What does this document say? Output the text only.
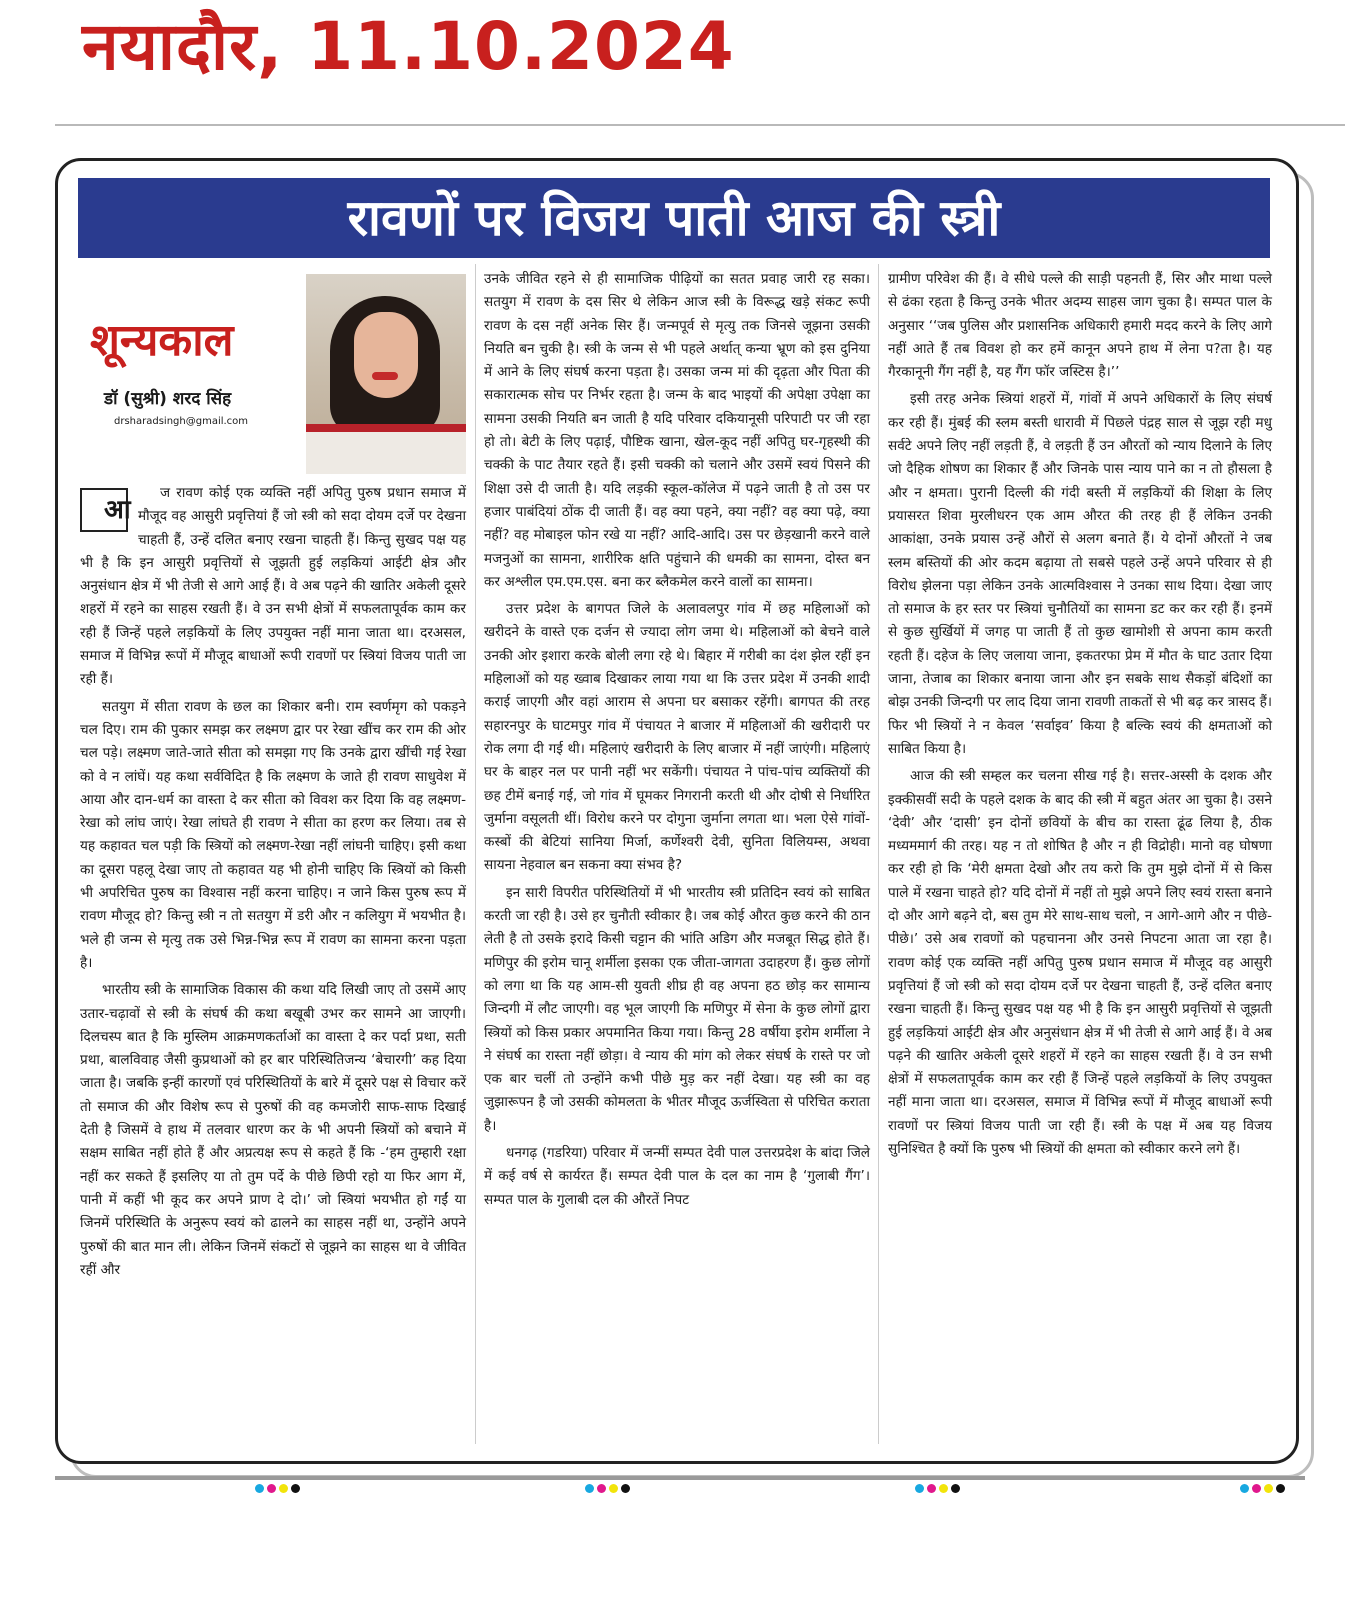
नयादौर, 11.10.2024
रावणों पर विजय पाती आज की स्त्री
शून्यकाल
डॉ (सुश्री) शरद सिंह
drsharadsingh@gmail.com

आ
ज रावण कोई एक व्यक्ति नहीं अपितु पुरुष प्रधान समाज में मौजूद वह आसुरी प्रवृत्तियां हैं जो स्त्री को सदा दोयम दर्जे पर देखना चाहती हैं, उन्हें दलित बनाए रखना चाहती हैं। किन्तु सुखद पक्ष यह भी है कि इन आसुरी प्रवृत्तियों से जूझती हुई लड़कियां आईटी क्षेत्र और अनुसंधान क्षेत्र में भी तेजी से आगे आई हैं। वे अब पढ़ने की खातिर अकेली दूसरे शहरों में रहने का साहस रखती हैं। वे उन सभी क्षेत्रों में सफलतापूर्वक काम कर रही हैं जिन्हें पहले लड़कियों के लिए उपयुक्त नहीं माना जाता था। दरअसल, समाज में विभिन्न रूपों में मौजूद बाधाओं रूपी रावणों पर स्त्रियां विजय पाती जा रही हैं।

सतयुग में सीता रावण के छल का शिकार बनी। राम स्वर्णमृग को पकड़ने चल दिए। राम की पुकार समझ कर लक्ष्मण द्वार पर रेखा खींच कर राम की ओर चल पड़े। लक्ष्मण जाते-जाते सीता को समझा गए कि उनके द्वारा खींची गई रेखा को वे न लांघें। यह कथा सर्वविदित है कि लक्ष्मण के जाते ही रावण साधुवेश में आया और दान-धर्म का वास्ता दे कर सीता को विवश कर दिया कि वह लक्ष्मण-रेखा को लांघ जाएं। रेखा लांघते ही रावण ने सीता का हरण कर लिया। तब से यह कहावत चल पड़ी कि स्त्रियों को लक्ष्मण-रेखा नहीं लांघनी चाहिए। इसी कथा का दूसरा पहलू देखा जाए तो कहावत यह भी होनी चाहिए कि स्त्रियों को किसी भी अपरिचित पुरुष का विश्वास नहीं करना चाहिए। न जाने किस पुरुष रूप में रावण मौजूद हो? किन्तु स्त्री न तो सतयुग में डरी और न कलियुग में भयभीत है। भले ही जन्म से मृत्यु तक उसे भिन्न-भिन्न रूप में रावण का सामना करना पड़ता है।

भारतीय स्त्री के सामाजिक विकास की कथा यदि लिखी जाए तो उसमें आए उतार-चढ़ावों से स्त्री के संघर्ष की कथा बखूबी उभर कर सामने आ जाएगी। दिलचस्प बात है कि मुस्लिम आक्रमणकर्ताओं का वास्ता दे कर पर्दा प्रथा, सती प्रथा, बालविवाह जैसी कुप्रथाओं को हर बार परिस्थितिजन्य ‘बेचारगी’ कह दिया जाता है। जबकि इन्हीं कारणों एवं परिस्थितियों के बारे में दूसरे पक्ष से विचार करें तो समाज की और विशेष रूप से पुरुषों की वह कमजोरी साफ-साफ दिखाई देती है जिसमें वे हाथ में तलवार धारण कर के भी अपनी स्त्रियों को बचाने में सक्षम साबित नहीं होते हैं और अप्रत्यक्ष रूप से कहते हैं कि -‘हम तुम्हारी रक्षा नहीं कर सकते हैं इसलिए या तो तुम पर्दे के पीछे छिपी रहो या फिर आग में, पानी में कहीं भी कूद कर अपने प्राण दे दो।’ जो स्त्रियां भयभीत हो गईं या जिनमें परिस्थिति के अनुरूप स्वयं को ढालने का साहस नहीं था, उन्होंने अपने पुरुषों की बात मान ली। लेकिन जिनमें संकटों से जूझने का साहस था वे जीवित रहीं और

उनके जीवित रहने से ही सामाजिक पीढ़ियों का सतत प्रवाह जारी रह सका। सतयुग में रावण के दस सिर थे लेकिन आज स्त्री के विरूद्ध खड़े संकट रूपी रावण के दस नहीं अनेक सिर हैं। जन्मपूर्व से मृत्यु तक जिनसे जूझना उसकी नियति बन चुकी है। स्त्री के जन्म से भी पहले अर्थात् कन्या भ्रूण को इस दुनिया में आने के लिए संघर्ष करना पड़ता है। उसका जन्म मां की दृढ़ता और पिता की सकारात्मक सोच पर निर्भर रहता है। जन्म के बाद भाइयों की अपेक्षा उपेक्षा का सामना उसकी नियति बन जाती है यदि परिवार दकियानूसी परिपाटी पर जी रहा हो तो। बेटी के लिए पढ़ाई, पौष्टिक खाना, खेल-कूद नहीं अपितु घर-गृहस्थी की चक्की के पाट तैयार रहते हैं। इसी चक्की को चलाने और उसमें स्वयं पिसने की शिक्षा उसे दी जाती है। यदि लड़की स्कूल-कॉलेज में पढ़ने जाती है तो उस पर हजार पाबंदियां ठोंक दी जाती हैं। वह क्या पहने, क्या नहीं? वह क्या पढ़े, क्या नहीं? वह मोबाइल फोन रखे या नहीं? आदि-आदि। उस पर छेड़खानी करने वाले मजनुओं का सामना, शारीरिक क्षति पहुंचाने की धमकी का सामना, दोस्त बन कर अश्लील एम.एम.एस. बना कर ब्लैकमेल करने वालों का सामना।

उत्तर प्रदेश के बागपत जिले के अलावलपुर गांव में छह महिलाओं को खरीदने के वास्ते एक दर्जन से ज्यादा लोग जमा थे। महिलाओं को बेचने वाले उनकी ओर इशारा करके बोली लगा रहे थे। बिहार में गरीबी का दंश झेल रहीं इन महिलाओं को यह ख्वाब दिखाकर लाया गया था कि उत्तर प्रदेश में उनकी शादी कराई जाएगी और वहां आराम से अपना घर बसाकर रहेंगी। बागपत की तरह सहारनपुर के घाटमपुर गांव में पंचायत ने बाजार में महिलाओं की खरीदारी पर रोक लगा दी गई थी। महिलाएं खरीदारी के लिए बाजार में नहीं जाएंगी। महिलाएं घर के बाहर नल पर पानी नहीं भर सकेंगी। पंचायत ने पांच-पांच व्यक्तियों की छह टीमें बनाई गई, जो गांव में घूमकर निगरानी करती थी और दोषी से निर्धारित जुर्माना वसूलती थीं। विरोध करने पर दोगुना जुर्माना लगता था। भला ऐसे गांवों-कस्बों की बेटियां सानिया मिर्जा, कर्णेश्वरी देवी, सुनिता विलियम्स, अथवा सायना नेहवाल बन सकना क्या संभव है?

इन सारी विपरीत परिस्थितियों में भी भारतीय स्त्री प्रतिदिन स्वयं को साबित करती जा रही है। उसे हर चुनौती स्वीकार है। जब कोई औरत कुछ करने की ठान लेती है तो उसके इरादे किसी चट्टान की भांति अडिग और मजबूत सिद्ध होते हैं। मणिपुर की इरोम चानू शर्मीला इसका एक जीता-जागता उदाहरण हैं। कुछ लोगों को लगा था कि यह आम-सी युवती शीघ्र ही वह अपना हठ छोड़ कर सामान्य जिन्दगी में लौट जाएगी। वह भूल जाएगी कि मणिपुर में सेना के कुछ लोगों द्वारा स्त्रियों को किस प्रकार अपमानित किया गया। किन्तु 28 वर्षीया इरोम शर्मीला ने ने संघर्ष का रास्ता नहीं छोड़ा। वे न्याय की मांग को लेकर संघर्ष के रास्ते पर जो एक बार चलीं तो उन्होंने कभी पीछे मुड़ कर नहीं देखा। यह स्त्री का वह जुझारूपन है जो उसकी कोमलता के भीतर मौजूद ऊर्जस्विता से परिचित कराता है।

धनगढ़ (गडरिया) परिवार में जन्मीं सम्पत देवी पाल उत्तरप्रदेश के बांदा जिले में कई वर्ष से कार्यरत हैं। सम्पत देवी पाल के दल का नाम है ‘गुलाबी गैंग’। सम्पत पाल के गुलाबी दल की औरतें निपट

ग्रामीण परिवेश की हैं। वे सीधे पल्ले की साड़ी पहनती हैं, सिर और माथा पल्ले से ढंका रहता है किन्तु उनके भीतर अदम्य साहस जाग चुका है। सम्पत पाल के अनुसार ‘‘जब पुलिस और प्रशासनिक अधिकारी हमारी मदद करने के लिए आगे नहीं आते हैं तब विवश हो कर हमें कानून अपने हाथ में लेना प?ता है। यह गैरकानूनी गैंग नहीं है, यह गैंग फॉर जस्टिस है।’’

इसी तरह अनेक स्त्रियां शहरों में, गांवों में अपने अधिकारों के लिए संघर्ष कर रही हैं। मुंबई की स्लम बस्ती धारावी में पिछले पंद्रह साल से जूझ रही मधु सर्वटे अपने लिए नहीं लड़ती हैं, वे लड़ती हैं उन औरतों को न्याय दिलाने के लिए जो दैहिक शोषण का शिकार हैं और जिनके पास न्याय पाने का न तो हौसला है और न क्षमता। पुरानी दिल्ली की गंदी बस्ती में लड़कियों की शिक्षा के लिए प्रयासरत शिवा मुरलीधरन एक आम औरत की तरह ही हैं लेकिन उनकी आकांक्षा, उनके प्रयास उन्हें औरों से अलग बनाते हैं। ये दोनों औरतों ने जब स्लम बस्तियों की ओर कदम बढ़ाया तो सबसे पहले उन्हें अपने परिवार से ही विरोध झेलना पड़ा लेकिन उनके आत्मविश्वास ने उनका साथ दिया। देखा जाए तो समाज के हर स्तर पर स्त्रियां चुनौतियों का सामना डट कर कर रही हैं। इनमें से कुछ सुर्खियों में जगह पा जाती हैं तो कुछ खामोशी से अपना काम करती रहती हैं। दहेज के लिए जलाया जाना, इकतरफा प्रेम में मौत के घाट उतार दिया जाना, तेजाब का शिकार बनाया जाना और इन सबके साथ सैकड़ों बंदिशों का बोझ उनकी जिन्दगी पर लाद दिया जाना रावणी ताकतों से भी बढ़ कर त्रासद हैं। फिर भी स्त्रियों ने न केवल ‘सर्वाइव’ किया है बल्कि स्वयं की क्षमताओं को साबित किया है।

आज की स्त्री सम्हल कर चलना सीख गई है। सत्तर-अस्सी के दशक और इक्कीसवीं सदी के पहले दशक के बाद की स्त्री में बहुत अंतर आ चुका है। उसने ‘देवी’ और ‘दासी’ इन दोनों छवियों के बीच का रास्ता ढूंढ लिया है, ठीक मध्यममार्ग की तरह। यह न तो शोषित है और न ही विद्रोही। मानो वह घोषणा कर रही हो कि ‘मेरी क्षमता देखो और तय करो कि तुम मुझे दोनों में से किस पाले में रखना चाहते हो? यदि दोनों में नहीं तो मुझे अपने लिए स्वयं रास्ता बनाने दो और आगे बढ़ने दो, बस तुम मेरे साथ-साथ चलो, न आगे-आगे और न पीछे-पीछे।’ उसे अब रावणों को पहचानना और उनसे निपटना आता जा रहा है। रावण कोई एक व्यक्ति नहीं अपितु पुरुष प्रधान समाज में मौजूद वह आसुरी प्रवृत्तियां हैं जो स्त्री को सदा दोयम दर्जे पर देखना चाहती हैं, उन्हें दलित बनाए रखना चाहती हैं। किन्तु सुखद पक्ष यह भी है कि इन आसुरी प्रवृत्तियों से जूझती हुई लड़कियां आईटी क्षेत्र और अनुसंधान क्षेत्र में भी तेजी से आगे आई हैं। वे अब पढ़ने की खातिर अकेली दूसरे शहरों में रहने का साहस रखती हैं। वे उन सभी क्षेत्रों में सफलतापूर्वक काम कर रही हैं जिन्हें पहले लड़कियों के लिए उपयुक्त नहीं माना जाता था। दरअसल, समाज में विभिन्न रूपों में मौजूद बाधाओं रूपी रावणों पर स्त्रियां विजय पाती जा रही हैं। स्त्री के पक्ष में अब यह विजय सुनिश्चित है क्यों कि पुरुष भी स्त्रियों की क्षमता को स्वीकार करने लगे हैं।
